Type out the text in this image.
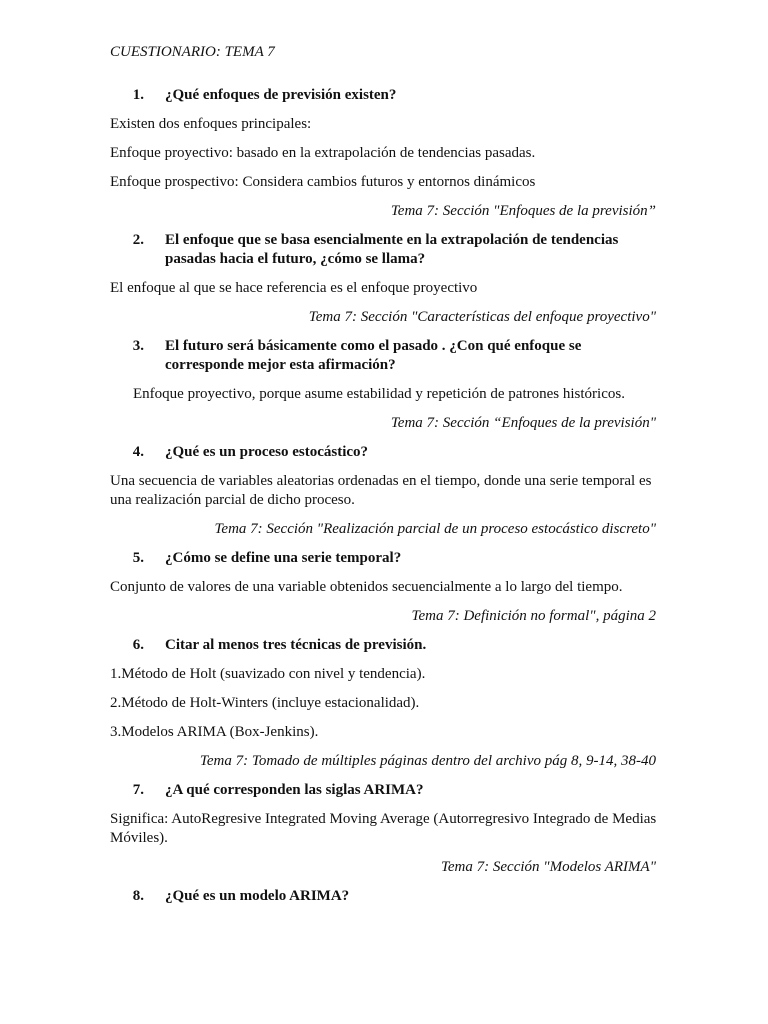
CUESTIONARIO: TEMA 7
1.	¿Qué enfoques de previsión existen?
Existen dos enfoques principales:
Enfoque proyectivo: basado en la extrapolación de tendencias pasadas.
Enfoque prospectivo: Considera cambios futuros y entornos dinámicos
Tema 7: Sección "Enfoques de la previsión”
2.	El enfoque que se basa esencialmente en la extrapolación de tendencias pasadas hacia el futuro, ¿cómo se llama?
El enfoque al que se hace referencia es el enfoque proyectivo
Tema 7: Sección "Características del enfoque proyectivo"
3.	El futuro será básicamente como el pasado . ¿Con qué enfoque se corresponde mejor esta afirmación?
Enfoque proyectivo, porque asume estabilidad y repetición de patrones históricos.
Tema 7: Sección “Enfoques de la previsión"
4.	¿Qué es un proceso estocástico?
Una secuencia de variables aleatorias ordenadas en el tiempo, donde una serie temporal es una realización parcial de dicho proceso.
Tema 7: Sección "Realización parcial de un proceso estocástico discreto"
5.	¿Cómo se define una serie temporal?
Conjunto de valores de una variable obtenidos secuencialmente a lo largo del tiempo.
Tema 7: Definición no formal", página 2
6.	Citar al menos tres técnicas de previsión.
1.Método de Holt (suavizado con nivel y tendencia).
2.Método de Holt-Winters (incluye estacionalidad).
3.Modelos ARIMA (Box-Jenkins).
Tema 7: Tomado de múltiples páginas dentro del archivo pág 8, 9-14, 38-40
7.	¿A qué corresponden las siglas ARIMA?
Significa: AutoRegresive Integrated Moving Average (Autorregresivo Integrado de Medias Móviles).
Tema 7: Sección "Modelos ARIMA"
8.	¿Qué es un modelo ARIMA?
